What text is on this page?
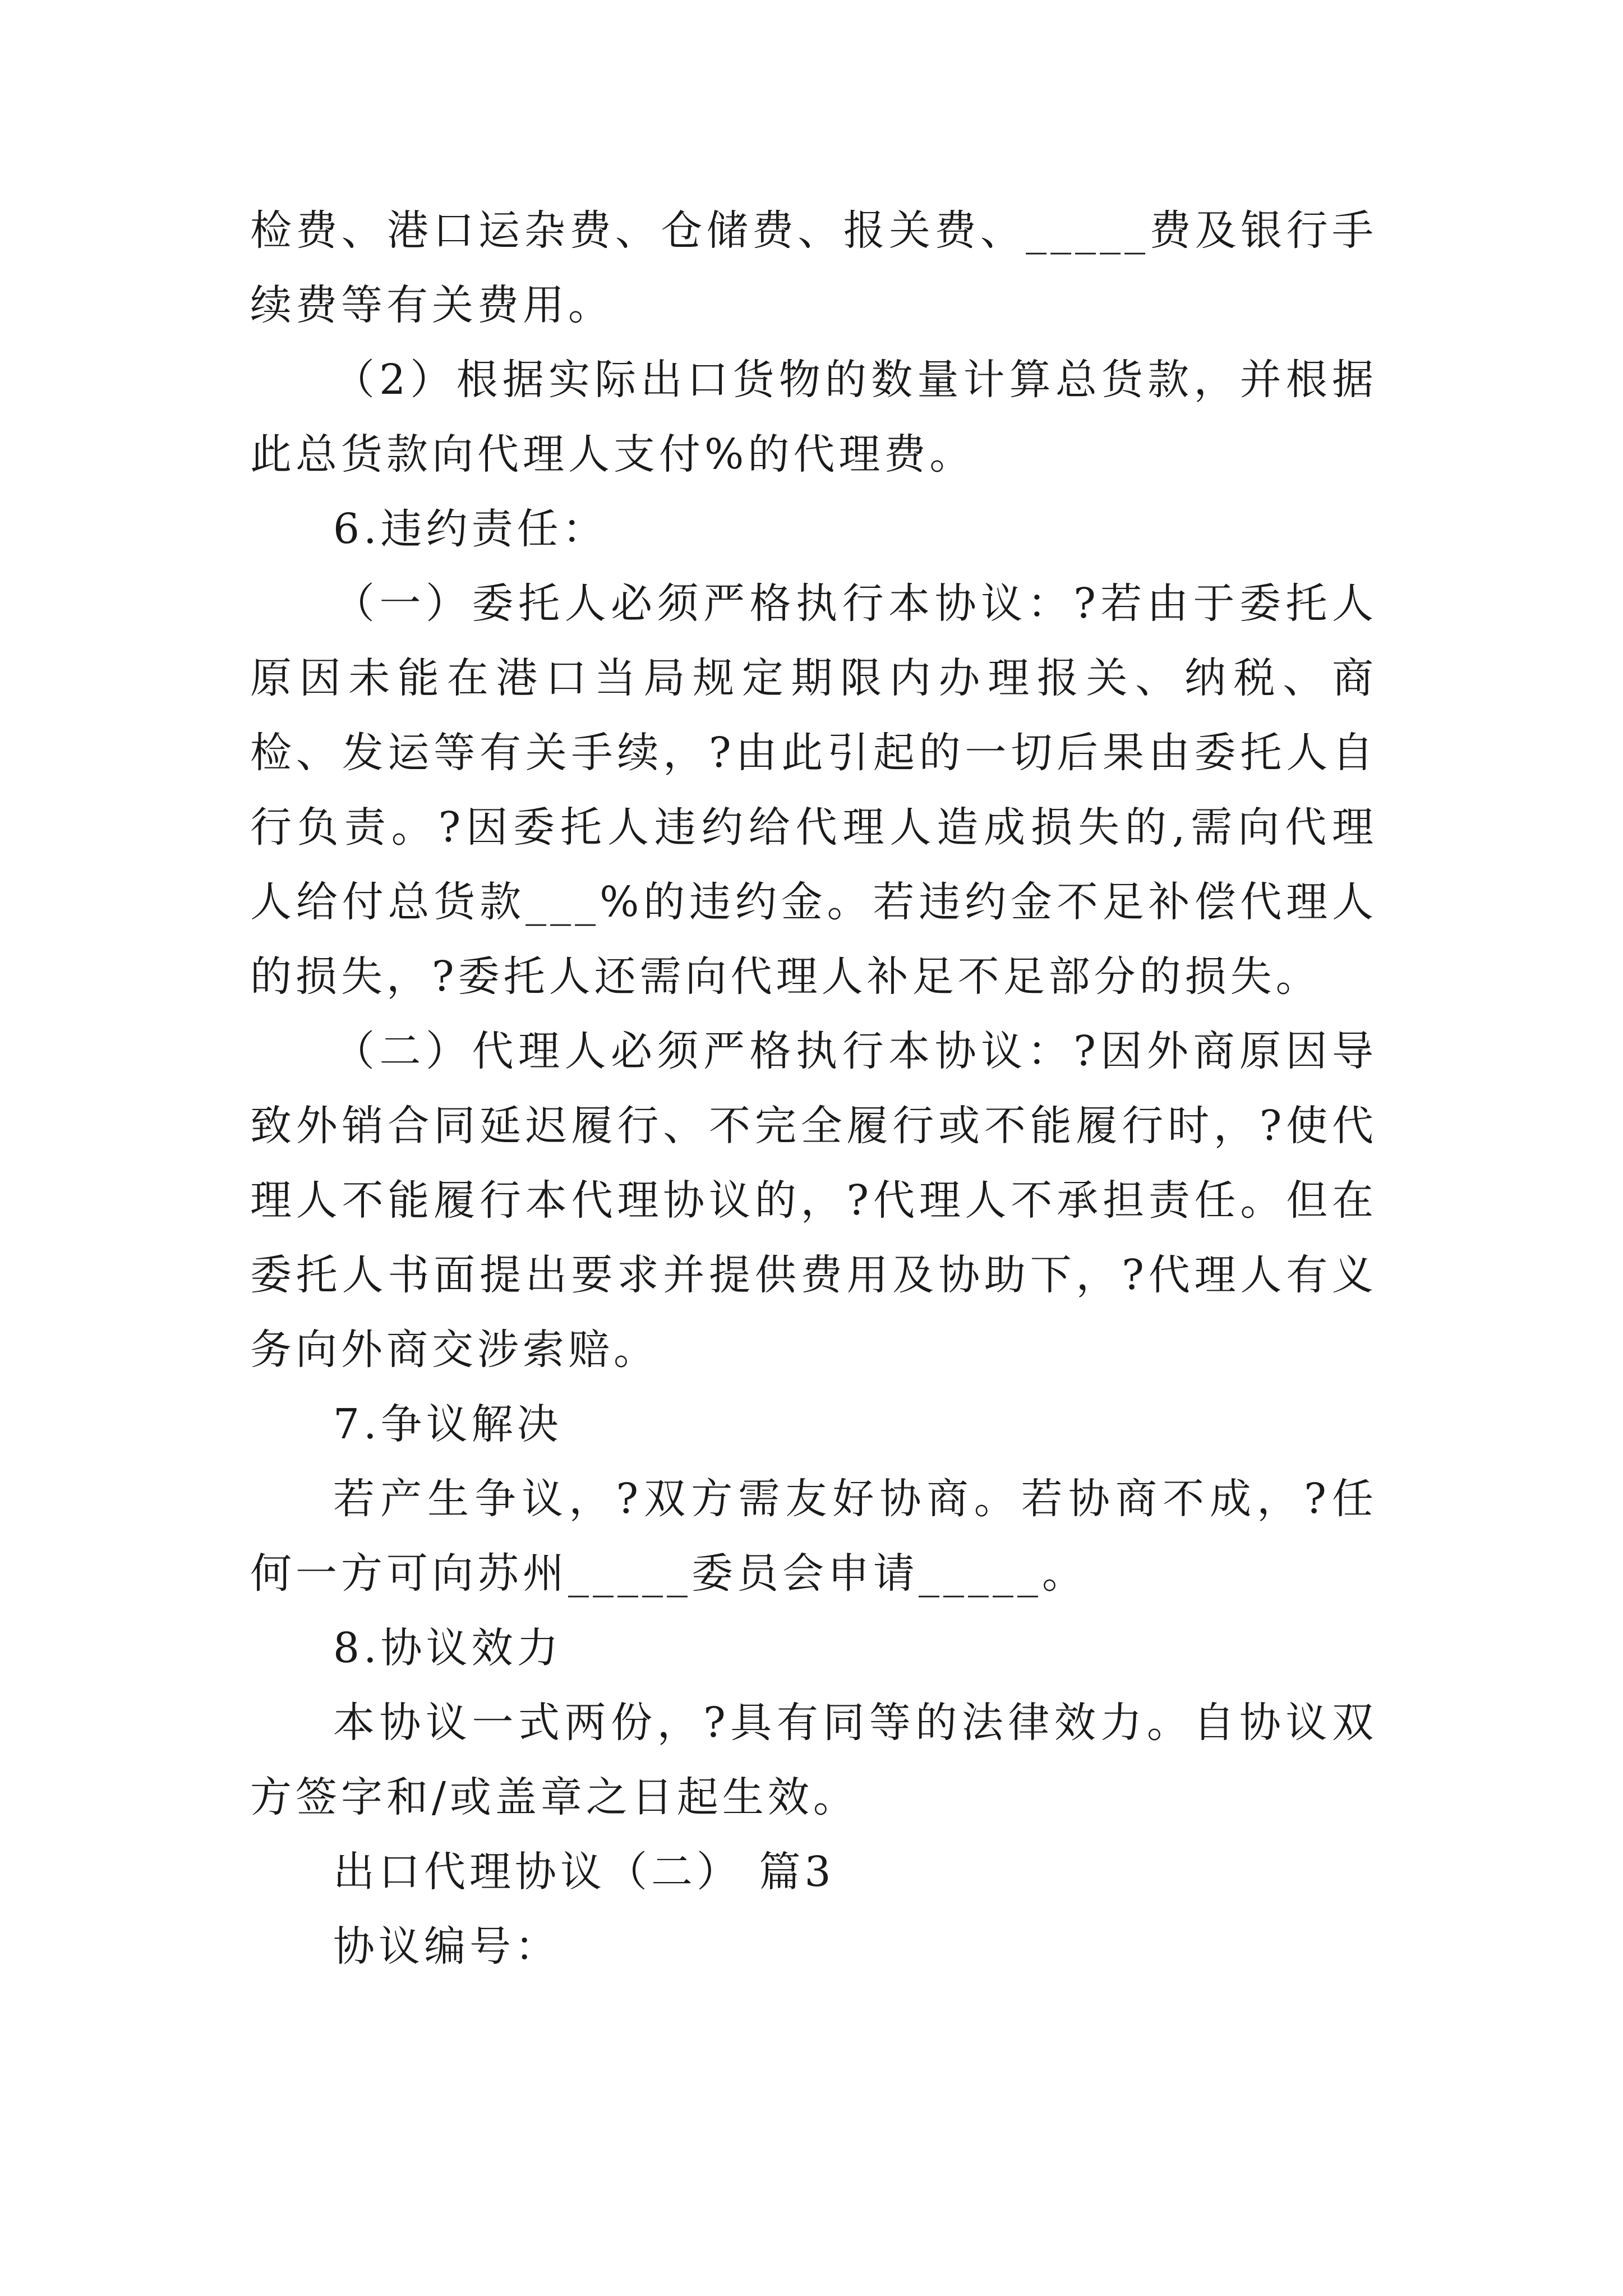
检费、港口运杂费、仓储费、报关费、_____费及银行手续费等有关费用。

（2）根据实际出口货物的数量计算总货款，并根据此总货款向代理人支付%的代理费。

6.违约责任：

（一）委托人必须严格执行本协议：?若由于委托人原因未能在港口当局规定期限内办理报关、纳税、商检、发运等有关手续，?由此引起的一切后果由委托人自行负责。?因委托人违约给代理人造成损失的,需向代理人给付总货款___%的违约金。若违约金不足补偿代理人的损失，?委托人还需向代理人补足不足部分的损失。

（二）代理人必须严格执行本协议：?因外商原因导致外销合同延迟履行、不完全履行或不能履行时，?使代理人不能履行本代理协议的，?代理人不承担责任。但在委托人书面提出要求并提供费用及协助下，?代理人有义务向外商交涉索赔。

7.争议解决

若产生争议，?双方需友好协商。若协商不成，?任何一方可向苏州_____委员会申请_____。

8.协议效力

本协议一式两份，?具有同等的法律效力。自协议双方签字和/或盖章之日起生效。

出口代理协议（二） 篇3

协议编号：
